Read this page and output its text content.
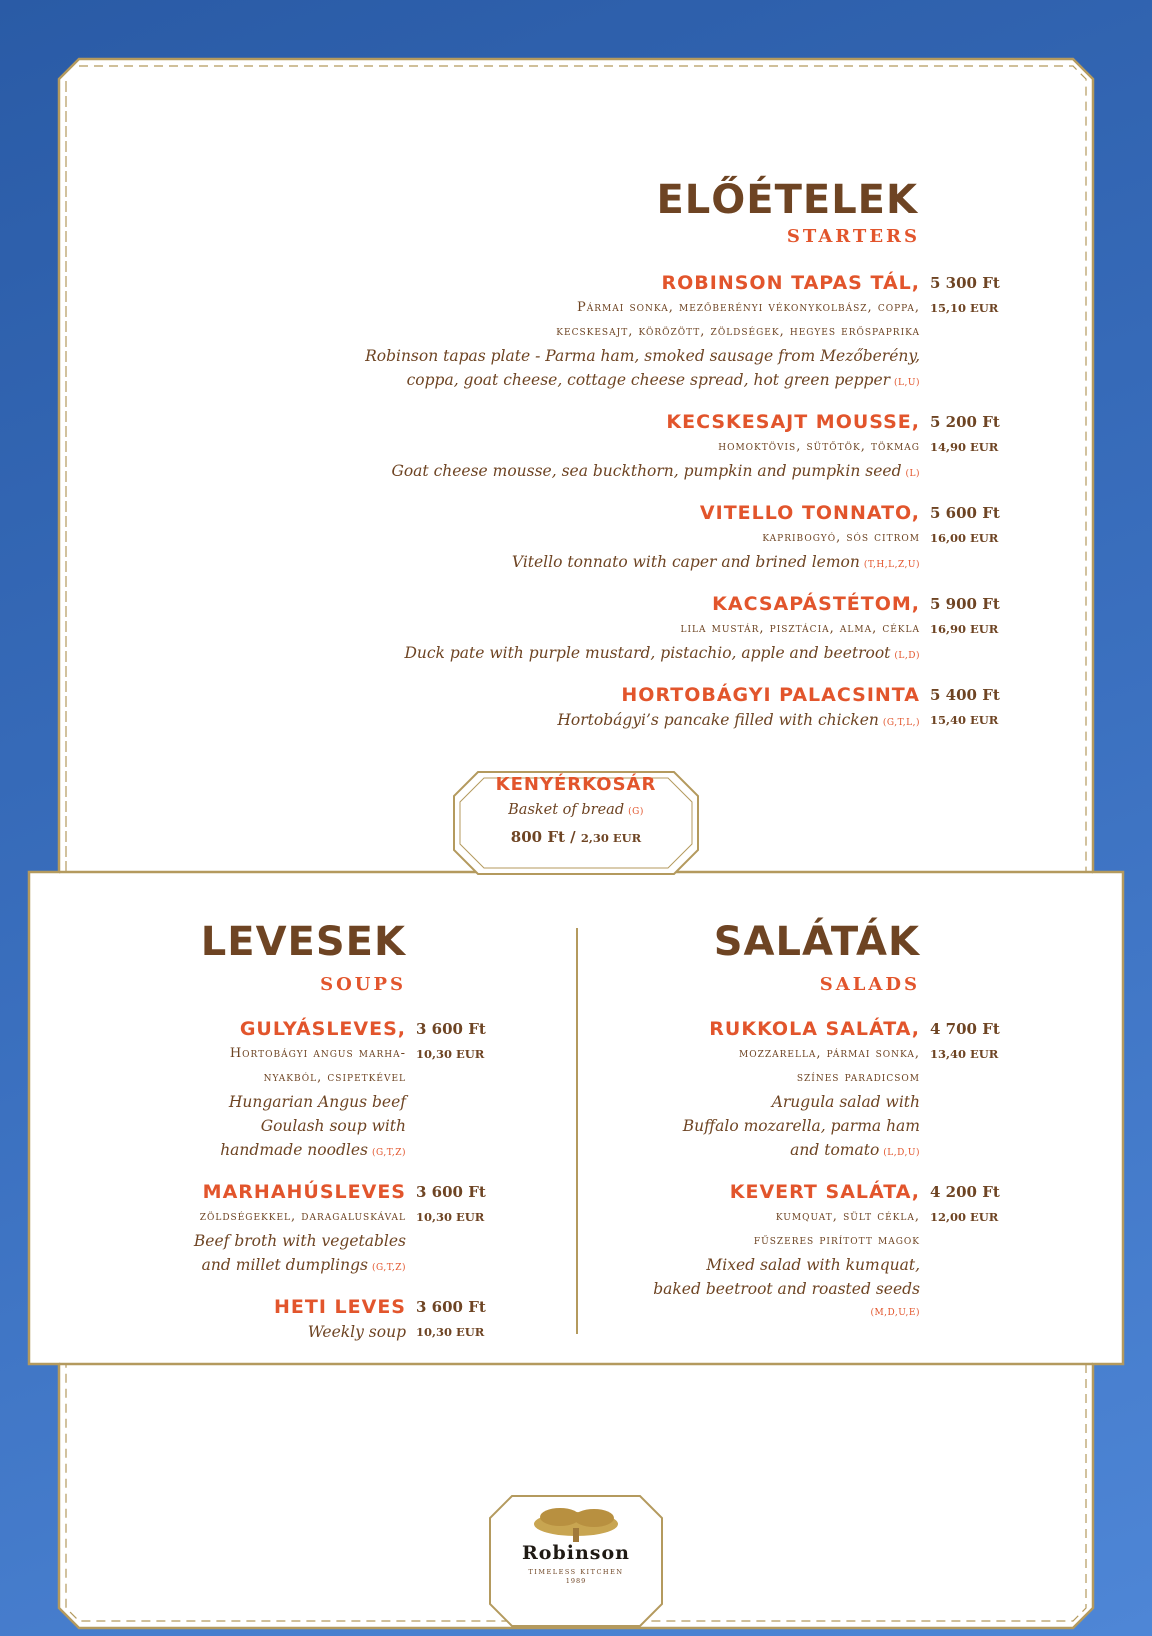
ELŐÉTELEK
STARTERS
ROBINSON TAPAS TÁL,
Pármai sonka, mezőberényi vékonykolbász, coppa,
kecskesajt, körözött, zöldségek, hegyes erőspaprika
Robinson tapas plate - Parma ham, smoked sausage from Mezőberény,
coppa, goat cheese, cottage cheese spread, hot green pepper (L,U)
5 300 Ft
15,10 EUR
KECSKESAJT MOUSSE,
homoktövis, sütőtök, tökmag
Goat cheese mousse, sea buckthorn, pumpkin and pumpkin seed (L)
5 200 Ft
14,90 EUR
VITELLO TONNATO,
kapribogyó, sós citrom
Vitello tonnato with caper and brined lemon (T,H,L,Z,U)
5 600 Ft
16,00 EUR
KACSAPÁSTÉTOM,
lila mustár, pisztácia, alma, cékla
Duck pate with purple mustard, pistachio, apple and beetroot (L,D)
5 900 Ft
16,90 EUR
HORTOBÁGYI PALACSINTA
Hortobágyi’s pancake filled with chicken (G,T,L,)
5 400 Ft
15,40 EUR
KENYÉRKOSÁR
Basket of bread (G)
800 Ft / 2,30 EUR
LEVESEK
SOUPS
GULYÁSLEVES,
Hortobágyi angus marha-
nyakból, csipetkével
Hungarian Angus beef
Goulash soup with
handmade noodles (G,T,Z)
3 600 Ft
10,30 EUR
MARHAHÚSLEVES
zöldségekkel, daragaluskával
Beef broth with vegetables
and millet dumplings (G,T,Z)
3 600 Ft
10,30 EUR
HETI LEVES
Weekly soup
3 600 Ft
10,30 EUR
SALÁTÁK
SALADS
RUKKOLA SALÁTA,
mozzarella, pármai sonka,
színes paradicsom
Arugula salad with
Buffalo mozarella, parma ham
and tomato (L,D,U)
4 700 Ft
13,40 EUR
KEVERT SALÁTA,
kumquat, sült cékla,
fűszeres pirított magok
Mixed salad with kumquat,
baked beetroot and roasted seeds
(M,D,U,E)
4 200 Ft
12,00 EUR
Robinson
TIMELESS KITCHEN
1989
